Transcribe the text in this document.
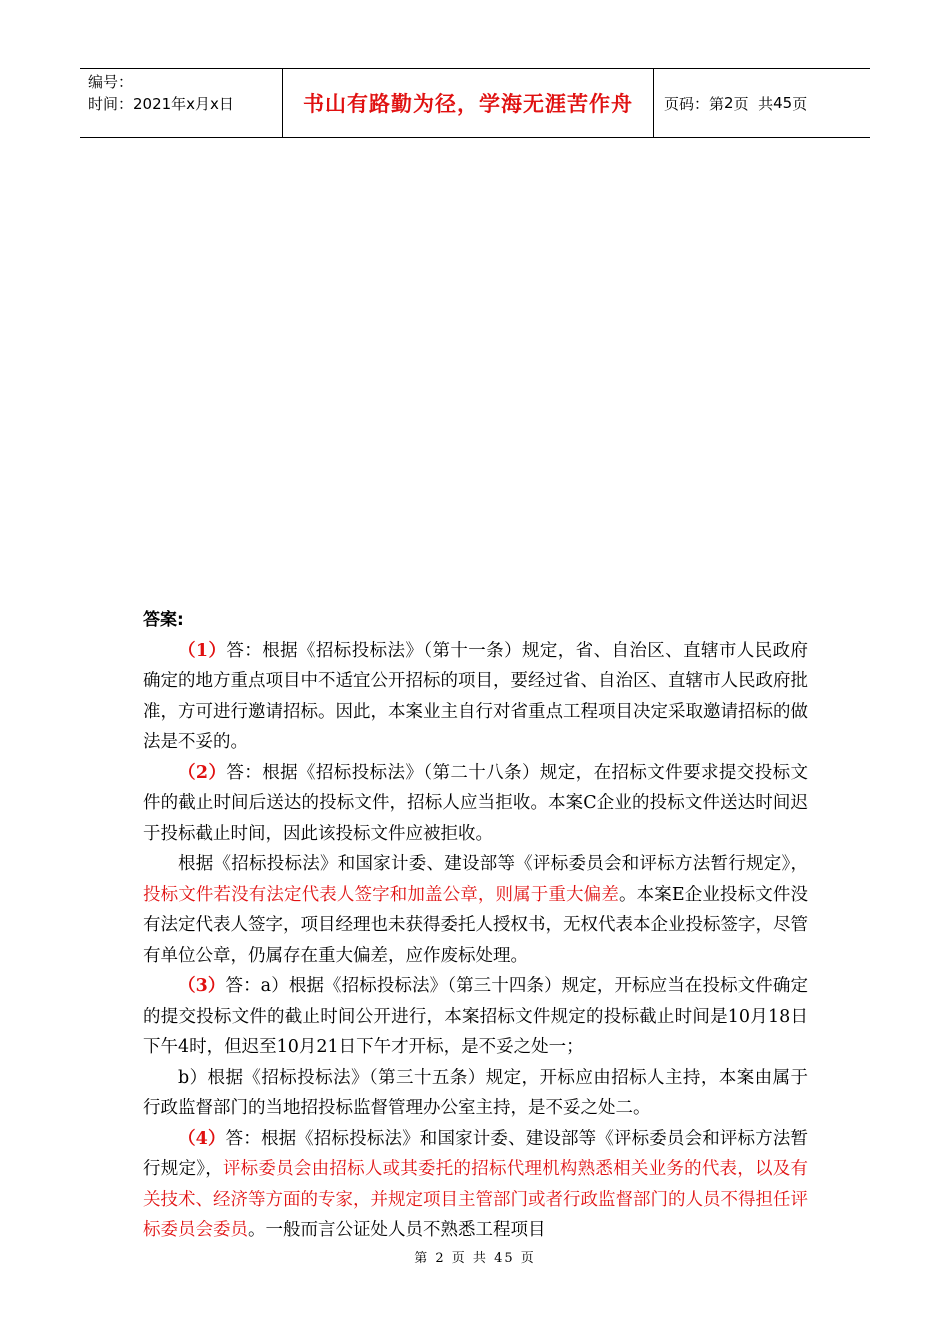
编号：
时间：2021年x月x日	书山有路勤为径，学海无涯苦作舟	页码：第 2 页  共 45 页
答案:

（1）答：根据《招标投标法》（第十一条）规定，省、自治区、直辖市人民政府确定的地方重点项目中不适宜公开招标的项目，要经过省、自治区、直辖市人民政府批准，方可进行邀请招标。因此，本案业主自行对省重点工程项目决定采取邀请招标的做法是不妥的。

（2）答：根据《招标投标法》（第二十八条）规定，在招标文件要求提交投标文件的截止时间后送达的投标文件，招标人应当拒收。本案C企业的投标文件送达时间迟于投标截止时间，因此该投标文件应被拒收。

根据《招标投标法》和国家计委、建设部等《评标委员会和评标方法暂行规定》，投标文件若没有法定代表人签字和加盖公章，则属于重大偏差。本案E企业投标文件没有法定代表人签字，项目经理也未获得委托人授权书，无权代表本企业投标签字，尽管有单位公章，仍属存在重大偏差，应作废标处理。

（3）答：a）根据《招标投标法》（第三十四条）规定，开标应当在投标文件确定的提交投标文件的截止时间公开进行，本案招标文件规定的投标截止时间是10月18日下午4时，但迟至10月21日下午才开标，是不妥之处一；

b）根据《招标投标法》（第三十五条）规定，开标应由招标人主持，本案由属于行政监督部门的当地招投标监督管理办公室主持，是不妥之处二。

（4）答：根据《招标投标法》和国家计委、建设部等《评标委员会和评标方法暂行规定》，评标委员会由招标人或其委托的招标代理机构熟悉相关业务的代表，以及有关技术、经济等方面的专家，并规定项目主管部门或者行政监督部门的人员不得担任评标委员会委员。一般而言公证处人员不熟悉工程项目

第 2 页 共 45 页
